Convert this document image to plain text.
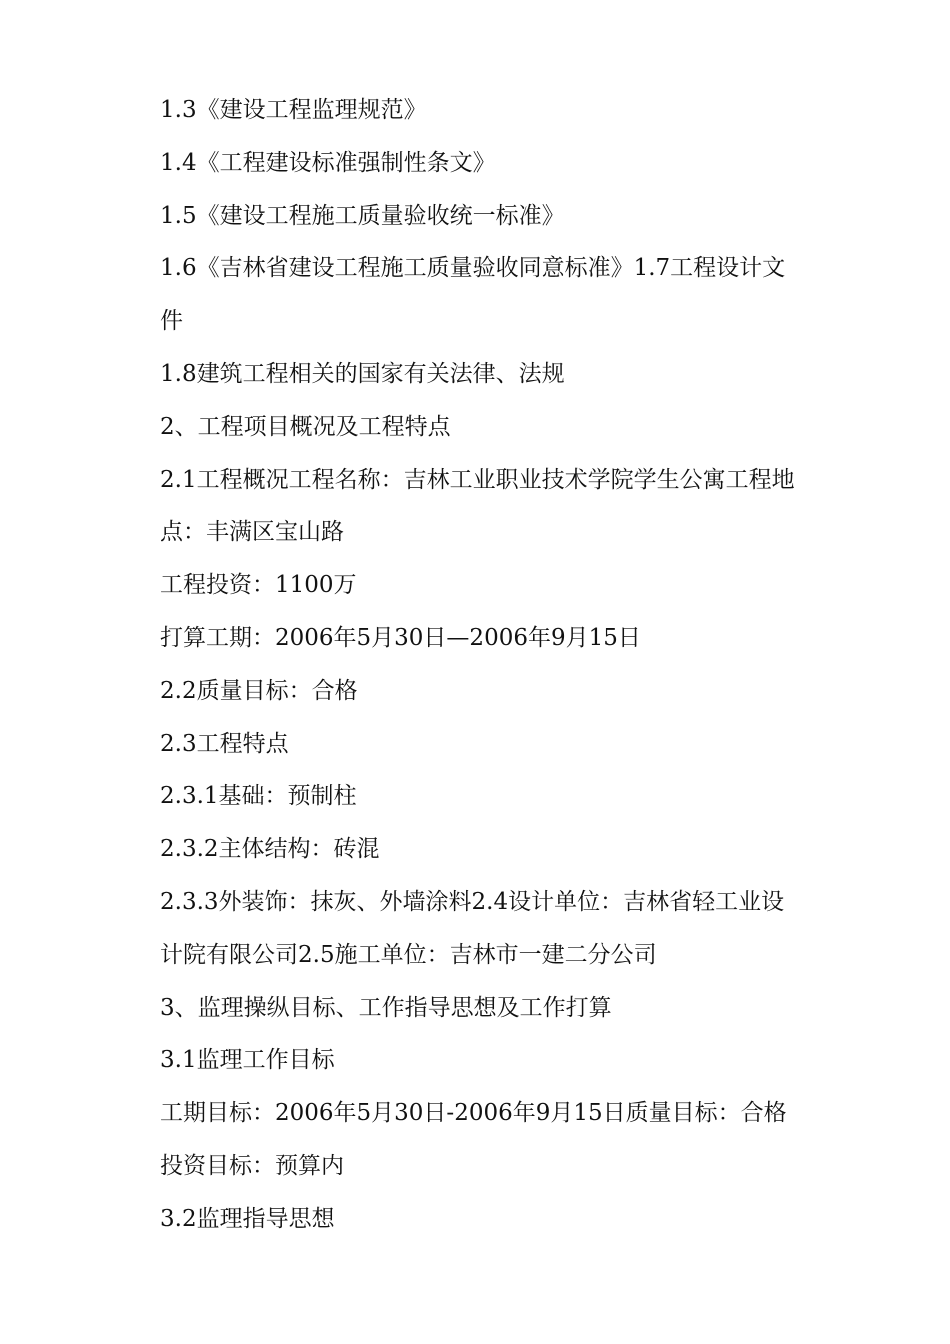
1.3《建设工程监理规范》
1.4《工程建设标准强制性条文》
1.5《建设工程施工质量验收统一标准》
1.6《吉林省建设工程施工质量验收同意标准》1.7工程设计文
件
1.8建筑工程相关的国家有关法律、法规
2、工程项目概况及工程特点
2.1工程概况工程名称：吉林工业职业技术学院学生公寓工程地
点：丰满区宝山路
工程投资：1100万
打算工期：2006年5月30日—2006年9月15日
2.2质量目标：合格
2.3工程特点
2.3.1基础：预制柱
2.3.2主体结构：砖混
2.3.3外装饰：抹灰、外墙涂料2.4设计单位：吉林省轻工业设
计院有限公司2.5施工单位：吉林市一建二分公司
3、监理操纵目标、工作指导思想及工作打算
3.1监理工作目标
工期目标：2006年5月30日-2006年9月15日质量目标：合格
投资目标：预算内
3.2监理指导思想
